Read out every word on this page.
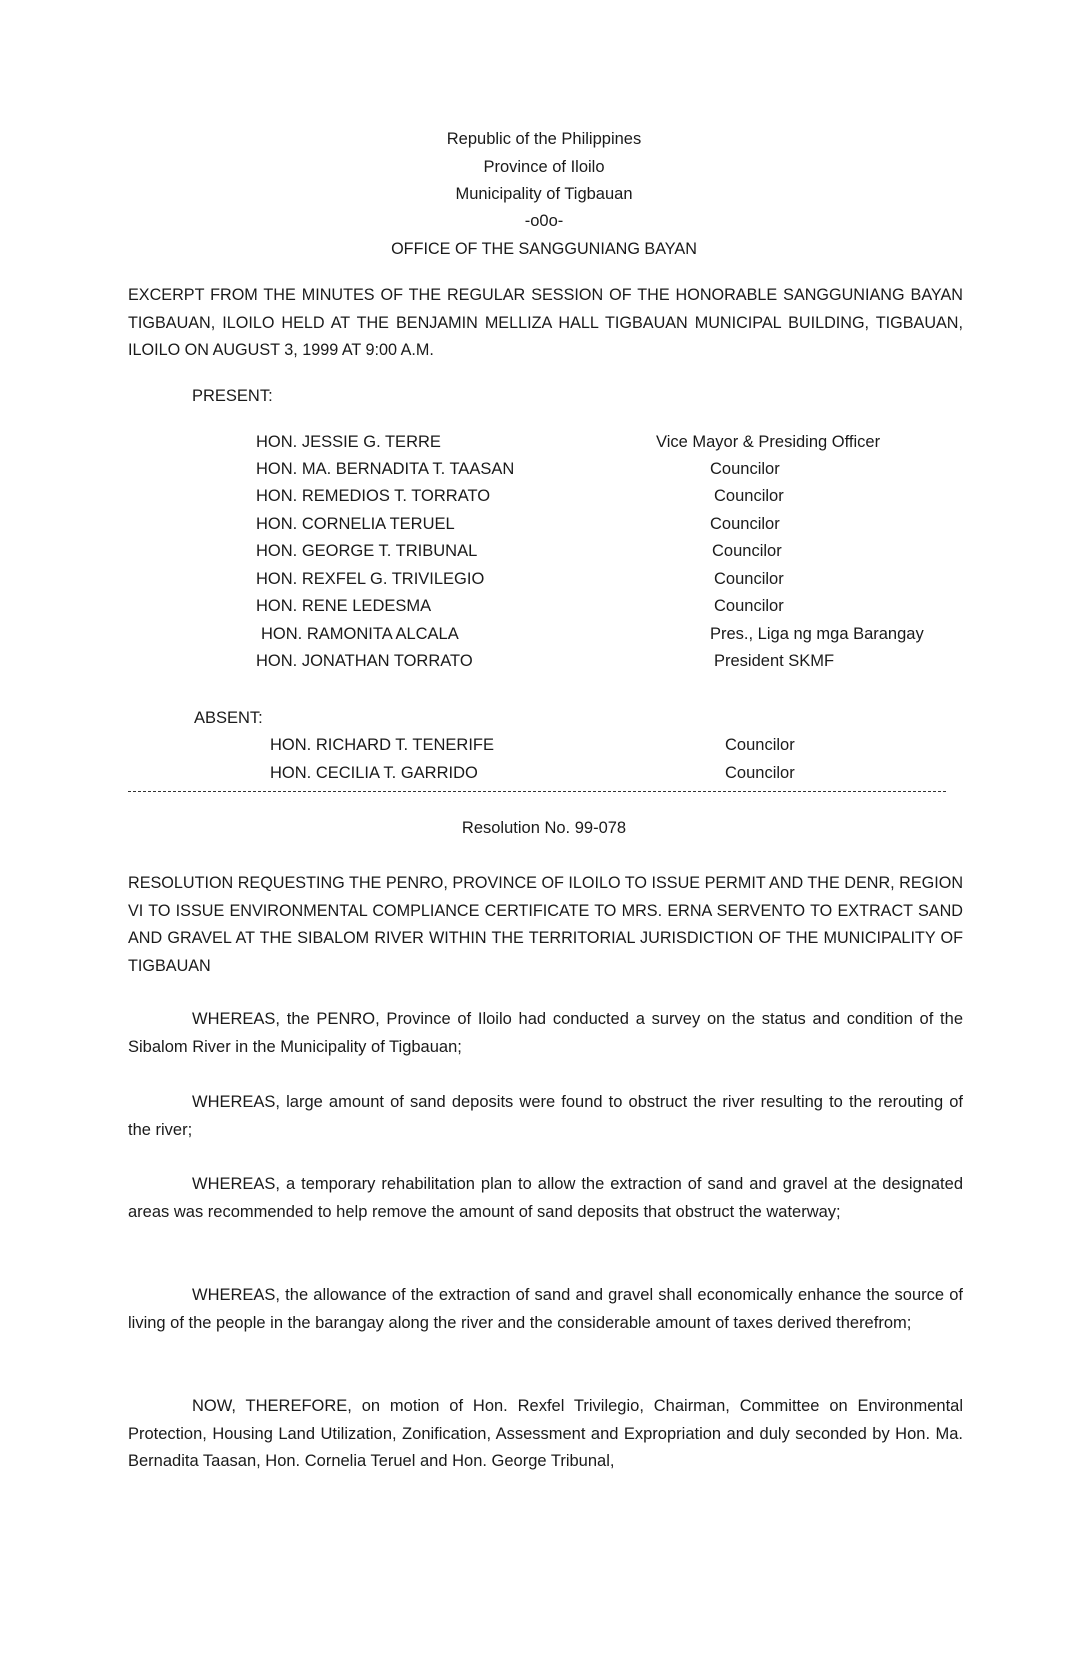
Republic of the Philippines
Province of Iloilo
Municipality of Tigbauan
-o0o-
OFFICE OF THE SANGGUNIANG BAYAN
EXCERPT FROM THE MINUTES OF THE REGULAR SESSION OF THE HONORABLE SANGGUNIANG BAYAN TIGBAUAN, ILOILO HELD AT THE BENJAMIN MELLIZA HALL TIGBAUAN MUNICIPAL BUILDING, TIGBAUAN, ILOILO ON AUGUST 3, 1999 AT 9:00 A.M.
PRESENT:
HON. JESSIE G. TERRE	Vice Mayor & Presiding Officer
HON. MA. BERNADITA T. TAASAN	Councilor
HON. REMEDIOS T. TORRATO	Councilor
HON. CORNELIA TERUEL	Councilor
HON. GEORGE T. TRIBUNAL	Councilor
HON. REXFEL G. TRIVILEGIO	Councilor
HON. RENE LEDESMA	Councilor
HON. RAMONITA ALCALA	Pres., Liga ng mga Barangay
HON. JONATHAN TORRATO	President SKMF
ABSENT:
HON. RICHARD T. TENERIFE	Councilor
HON. CECILIA T. GARRIDO	Councilor
Resolution No. 99-078
RESOLUTION REQUESTING THE PENRO, PROVINCE OF ILOILO TO ISSUE PERMIT AND THE DENR, REGION VI TO ISSUE ENVIRONMENTAL COMPLIANCE CERTIFICATE TO MRS. ERNA SERVENTO TO EXTRACT SAND AND GRAVEL AT THE SIBALOM RIVER WITHIN THE TERRITORIAL JURISDICTION OF THE MUNICIPALITY OF TIGBAUAN
WHEREAS, the PENRO, Province of Iloilo had conducted a survey on the status and condition of the Sibalom River in the Municipality of Tigbauan;
WHEREAS, large amount of sand deposits were found to obstruct the river resulting to the rerouting of the river;
WHEREAS, a temporary rehabilitation plan to allow the extraction of sand and gravel at the designated areas was recommended to help remove the amount of sand deposits that obstruct the waterway;
WHEREAS, the allowance of the extraction of sand and gravel shall economically enhance the source of living of the people in the barangay along the river and the considerable amount of taxes derived therefrom;
NOW, THEREFORE, on motion of Hon. Rexfel Trivilegio, Chairman, Committee on Environmental Protection, Housing Land Utilization, Zonification, Assessment and Expropriation and duly seconded by Hon. Ma. Bernadita Taasan, Hon. Cornelia Teruel and Hon. George Tribunal,
